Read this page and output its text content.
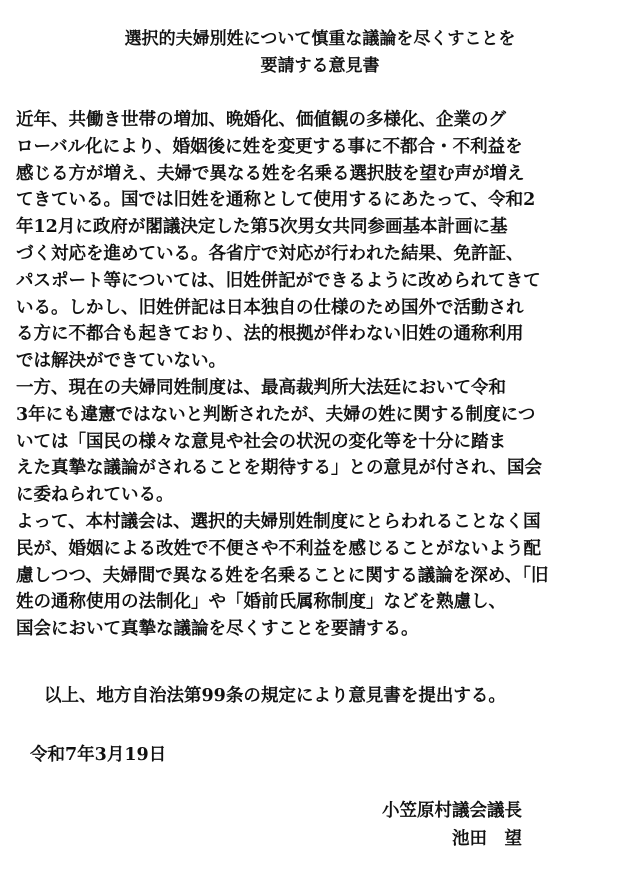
選択的夫婦別姓について慎重な議論を尽くすことを
要請する意見書
近年、共働き世帯の増加、晩婚化、価値観の多様化、企業のグ
ローバル化により、婚姻後に姓を変更する事に不都合・不利益を
感じる方が増え、夫婦で異なる姓を名乗る選択肢を望む声が増え
てきている。国では旧姓を通称として使用するにあたって、令和2
年12月に政府が閣議決定した第5次男女共同参画基本計画に基
づく対応を進めている。各省庁で対応が行われた結果、免許証、
パスポート等については、旧姓併記ができるように改められてきて
いる。しかし、旧姓併記は日本独自の仕様のため国外で活動され
る方に不都合も起きており、法的根拠が伴わない旧姓の通称利用
では解決ができていない。
一方、現在の夫婦同姓制度は、最高裁判所大法廷において令和
3年にも違憲ではないと判断されたが、夫婦の姓に関する制度につ
いては「国民の様々な意見や社会の状況の変化等を十分に踏ま
えた真摯な議論がされることを期待する」との意見が付され、国会
に委ねられている。
よって、本村議会は、選択的夫婦別姓制度にとらわれることなく国
民が、婚姻による改姓で不便さや不利益を感じることがないよう配
慮しつつ、夫婦間で異なる姓を名乗ることに関する議論を深め、「旧
姓の通称使用の法制化」や「婚前氏属称制度」などを熟慮し、
国会において真摯な議論を尽くすことを要請する。
以上、地方自治法第99条の規定により意見書を提出する。
令和7年3月19日
小笠原村議会議長
池田　望
